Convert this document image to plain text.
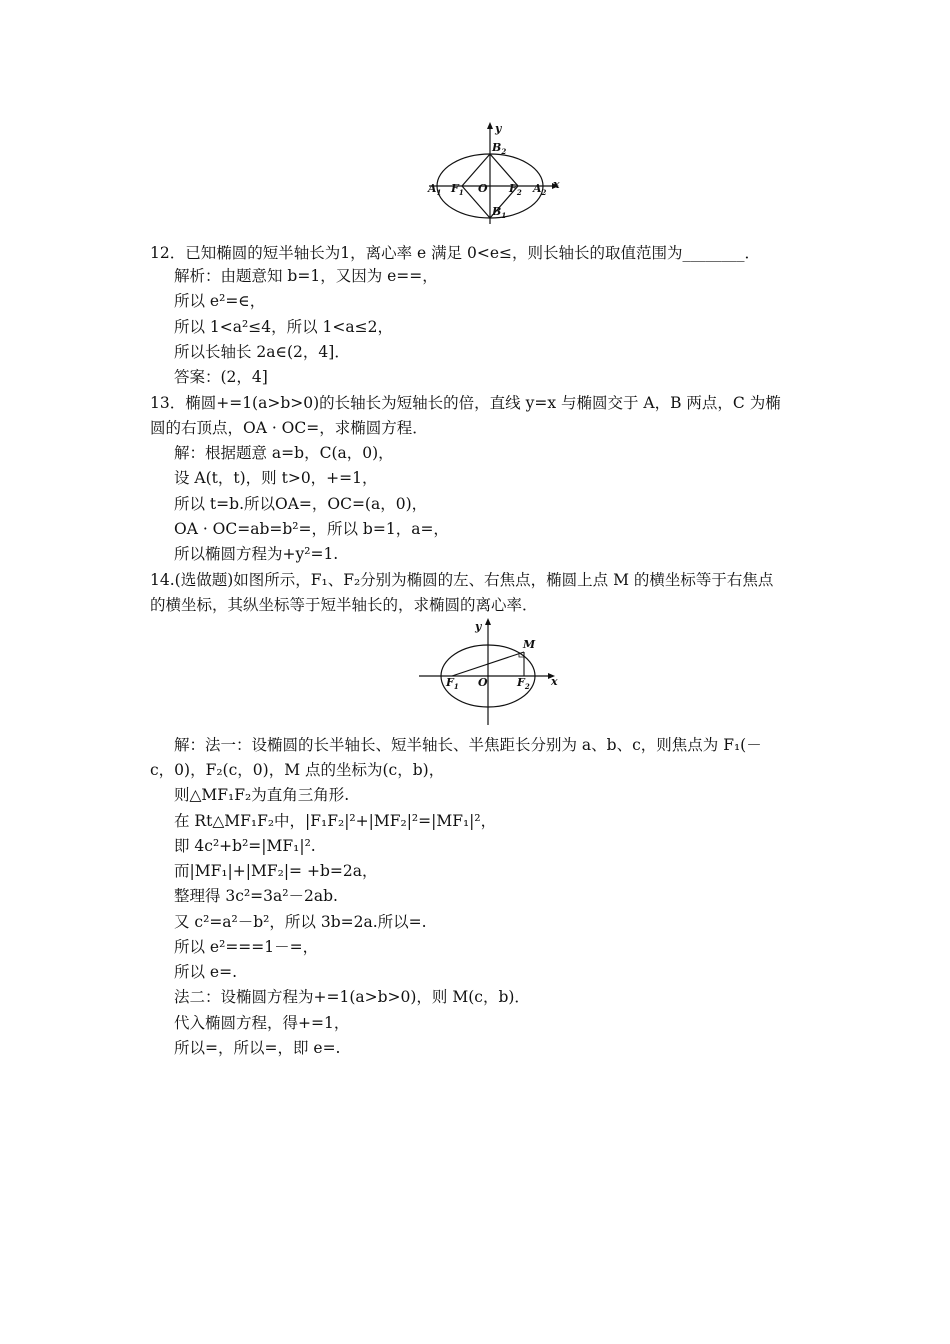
y
x
$B_2$
$B_1$
$A_1$	$A_2$
$F_1$	$F_2$
O
12．已知椭圆的短半轴长为1，离心率 e 满足 0<e≤，则长轴长的取值范围为________．
解析：由题意知 b=1，又因为 e==，
所以 e²=∈，
所以 1<a²≤4，所以 1<a≤2，
所以长轴长 2a∈(2，4]．
答案：(2，4]
13．椭圆+=1(a>b>0)的长轴长为短轴长的倍，直线 y=x 与椭圆交于 A，B 两点，C 为椭
圆的右顶点，OA · OC=，求椭圆方程．
解：根据题意 a=b，C(a，0)，
设 A(t，t)，则 t>0，+=1，
所以 t=b.所以OA=，OC=(a，0)，
OA · OC=ab=b²=，所以 b=1，a=，
所以椭圆方程为+y²=1.
14.(选做题)如图所示，F₁、F₂分别为椭圆的左、右焦点，椭圆上点 M 的横坐标等于右焦点
的横坐标，其纵坐标等于短半轴长的，求椭圆的离心率．
y
x
M
O
$F_1$	$F_2$
解：法一：设椭圆的长半轴长、短半轴长、半焦距长分别为 a、b、c，则焦点为 F₁(－
c，0)，F₂(c，0)，M 点的坐标为(c，b)，
则△MF₁F₂为直角三角形.
在 Rt△MF₁F₂中，|F₁F₂|²+|MF₂|²=|MF₁|²，
即 4c²+b²=|MF₁|².
而|MF₁|+|MF₂|= +b=2a，
整理得 3c²=3a²－2ab.
又 c²=a²－b²，所以 3b=2a.所以=.
所以 e²===1－=，
所以 e=.
法二：设椭圆方程为+=1(a>b>0)，则 M(c，b)．
代入椭圆方程，得+=1，
所以=，所以=，即 e=.
